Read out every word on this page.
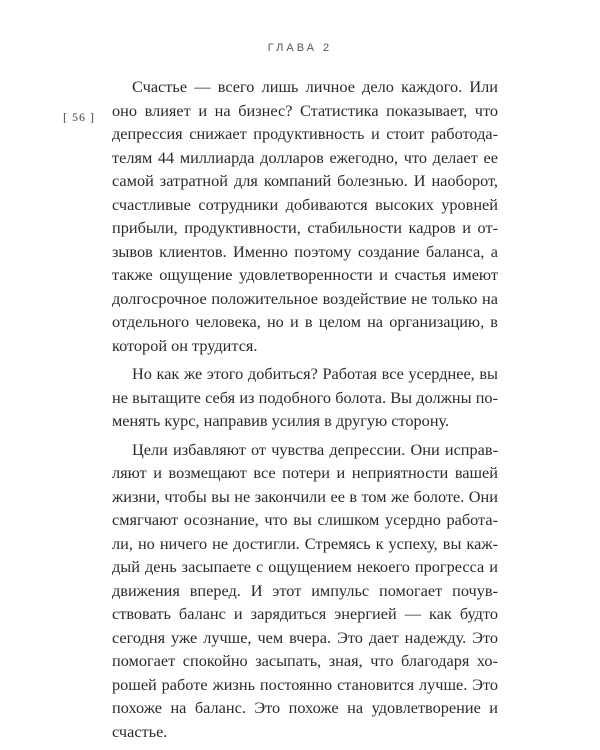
ГЛАВА 2
[ 56 ]

Счастье — всего лишь личное дело каждого. Или оно влияет и на бизнес? Статистика показывает, что депрессия снижает продуктивность и стоит работодателям 44 миллиарда долларов ежегодно, что делает ее самой затратной для компаний болезнью. И наоборот, счастливые сотрудники добиваются высоких уровней прибыли, продуктивности, стабильности кадров и отзывов клиентов. Именно поэтому создание баланса, а также ощущение удовлетворенности и счастья имеют долгосрочное положительное воздействие не только на отдельного человека, но и в целом на организацию, в которой он трудится.

Но как же этого добиться? Работая все усерднее, вы не вытащите себя из подобного болота. Вы должны поменять курс, направив усилия в другую сторону.

Цели избавляют от чувства депрессии. Они исправляют и возмещают все потери и неприятности вашей жизни, чтобы вы не закончили ее в том же болоте. Они смягчают осознание, что вы слишком усердно работали, но ничего не достигли. Стремясь к успеху, вы каждый день засыпаете с ощущением некоего прогресса и движения вперед. И этот импульс помогает почувствовать баланс и зарядиться энергией — как будто сегодня уже лучше, чем вчера. Это дает надежду. Это помогает спокойно засыпать, зная, что благодаря хорошей работе жизнь постоянно становится лучше. Это похоже на баланс. Это похоже на удовлетворение и счастье.
